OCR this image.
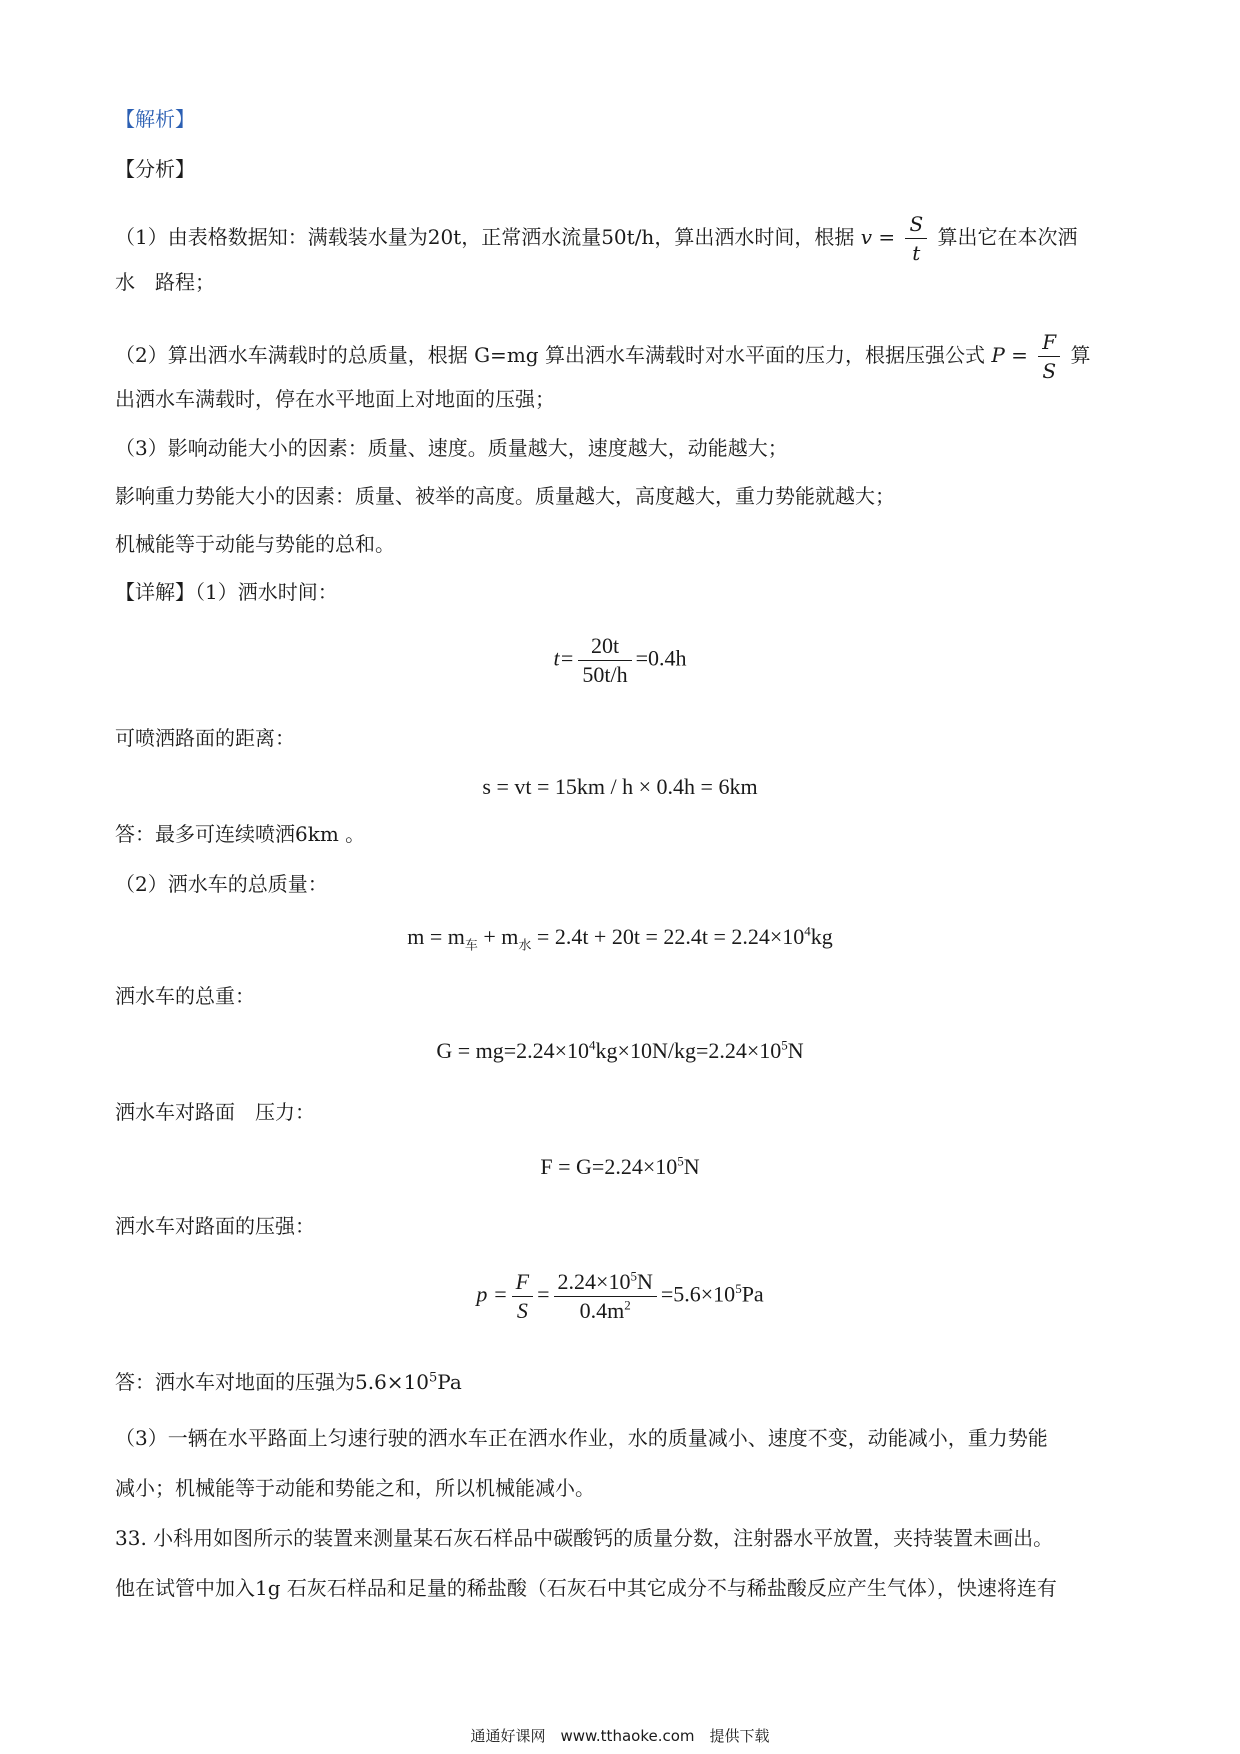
【解析】
【分析】
（1）由表格数据知：满载装水量为20t，正常洒水流量50t/h，算出洒水时间，根据 $v = \frac{S}{t}$ 算出它在本次洒
水　路程；
（2）算出洒水车满载时的总质量，根据 G=mg 算出洒水车满载时对水平面的压力，根据压强公式 $P = \frac{F}{S}$ 算
出洒水车满载时，停在水平地面上对地面的压强；
（3）影响动能大小的因素：质量、速度。质量越大，速度越大，动能越大；
影响重力势能大小的因素：质量、被举的高度。质量越大，高度越大，重力势能就越大；
机械能等于动能与势能的总和。
【详解】（1）洒水时间：
$t= \frac{20t}{50t/h} =0.4h$
可喷洒路面的距离：
s = vt = 15km / h × 0.4h = 6km
答：最多可连续喷洒6km 。
（2）洒水车的总质量：
$m = m_车 + m_水 = 2.4t + 20t = 22.4t = 2.24\times 10^4kg$
洒水车的总重：
$G = mg=2.24\times 10^4kg\times 10N/kg=2.24\times 10^5N$
洒水车对路面　压力：
$F = G=2.24\times 10^5N$
洒水车对路面的压强：
$p = \frac{F}{S} = \frac{2.24\times 10^5N}{0.4m^2} =5.6\times 10^5Pa$
答：洒水车对地面的压强为$5.6\times 10^5Pa$
（3）一辆在水平路面上匀速行驶的洒水车正在洒水作业，水的质量减小、速度不变，动能减小，重力势能
减小；机械能等于动能和势能之和，所以机械能减小。
33. 小科用如图所示的装置来测量某石灰石样品中碳酸钙的质量分数，注射器水平放置，夹持装置未画出。
他在试管中加入1g 石灰石样品和足量的稀盐酸（石灰石中其它成分不与稀盐酸反应产生气体），快速将连有
通通好课网　www.tthaoke.com　提供下载
